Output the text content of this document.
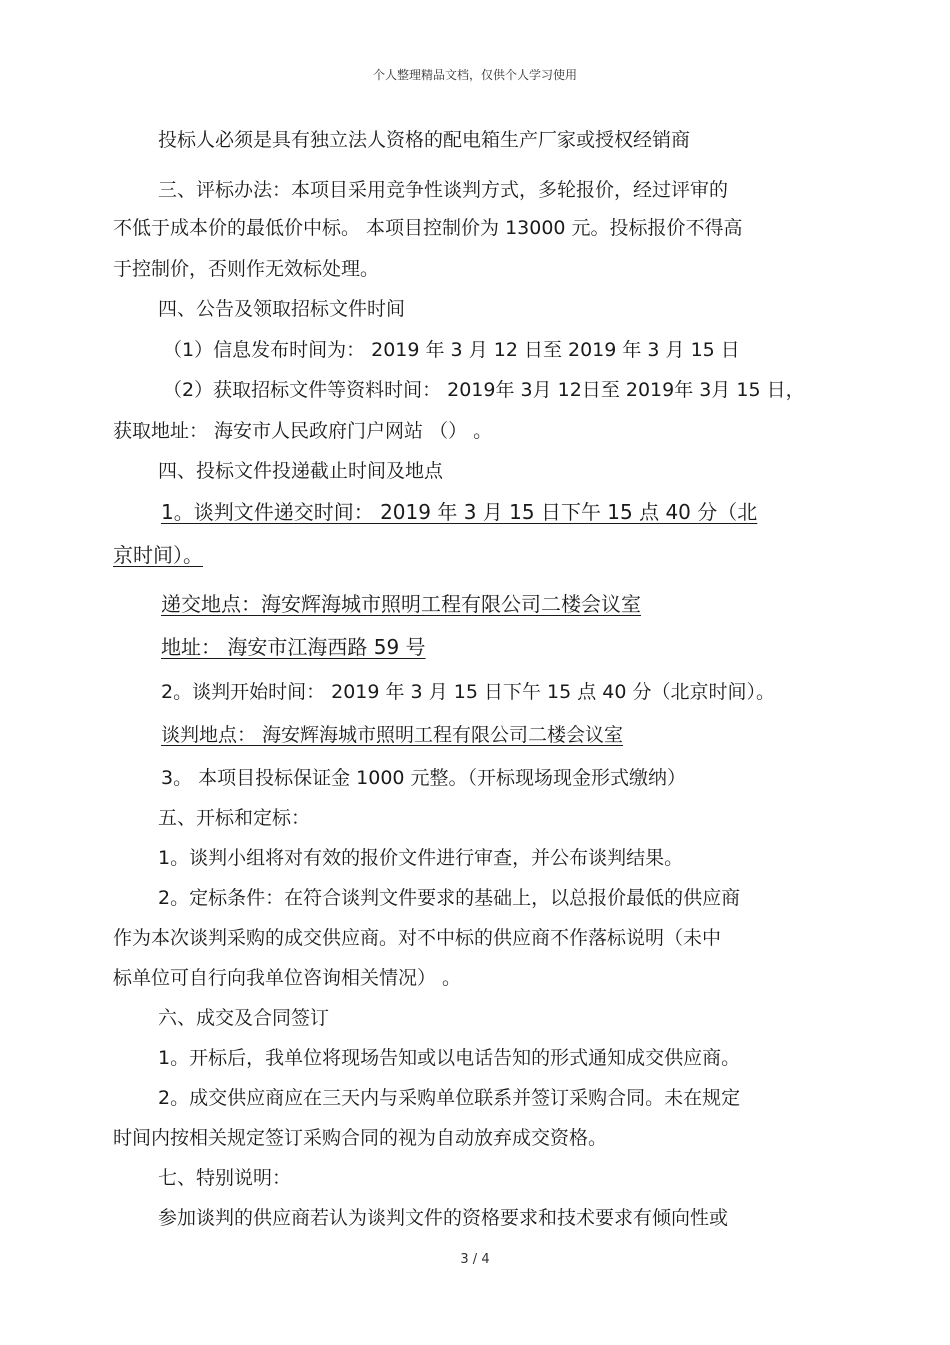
个人整理精品文档，仅供个人学习使用
投标人必须是具有独立法人资格的配电箱生产厂家或授权经销商
三、评标办法：本项目采用竞争性谈判方式，多轮报价，经过评审的
不低于成本价的最低价中标。 本项目控制价为 13000 元。投标报价不得高
于控制价，否则作无效标处理。
四、公告及领取招标文件时间
（1）信息发布时间为： 2019 年 3 月 12 日至 2019 年 3 月 15 日
（2）获取招标文件等资料时间： 2019年 3月 12日至 2019年 3月 15 日，
获取地址： 海安市人民政府门户网站 （） 。
四、投标文件投递截止时间及地点
1。谈判文件递交时间： 2019 年 3 月 15 日下午 15 点 40 分（北
京时间）。
递交地点：海安辉海城市照明工程有限公司二楼会议室
地址： 海安市江海西路 59 号
2。谈判开始时间： 2019 年 3 月 15 日下午 15 点 40 分（北京时间）。
谈判地点： 海安辉海城市照明工程有限公司二楼会议室
3。 本项目投标保证金 1000 元整。（开标现场现金形式缴纳）
五、开标和定标：
1。谈判小组将对有效的报价文件进行审查，并公布谈判结果。
2。定标条件：在符合谈判文件要求的基础上，以总报价最低的供应商
作为本次谈判采购的成交供应商。对不中标的供应商不作落标说明（未中
标单位可自行向我单位咨询相关情况） 。
六、成交及合同签订
1。开标后，我单位将现场告知或以电话告知的形式通知成交供应商。
2。成交供应商应在三天内与采购单位联系并签订采购合同。未在规定
时间内按相关规定签订采购合同的视为自动放弃成交资格。
七、特别说明：
参加谈判的供应商若认为谈判文件的资格要求和技术要求有倾向性或
3 / 4
